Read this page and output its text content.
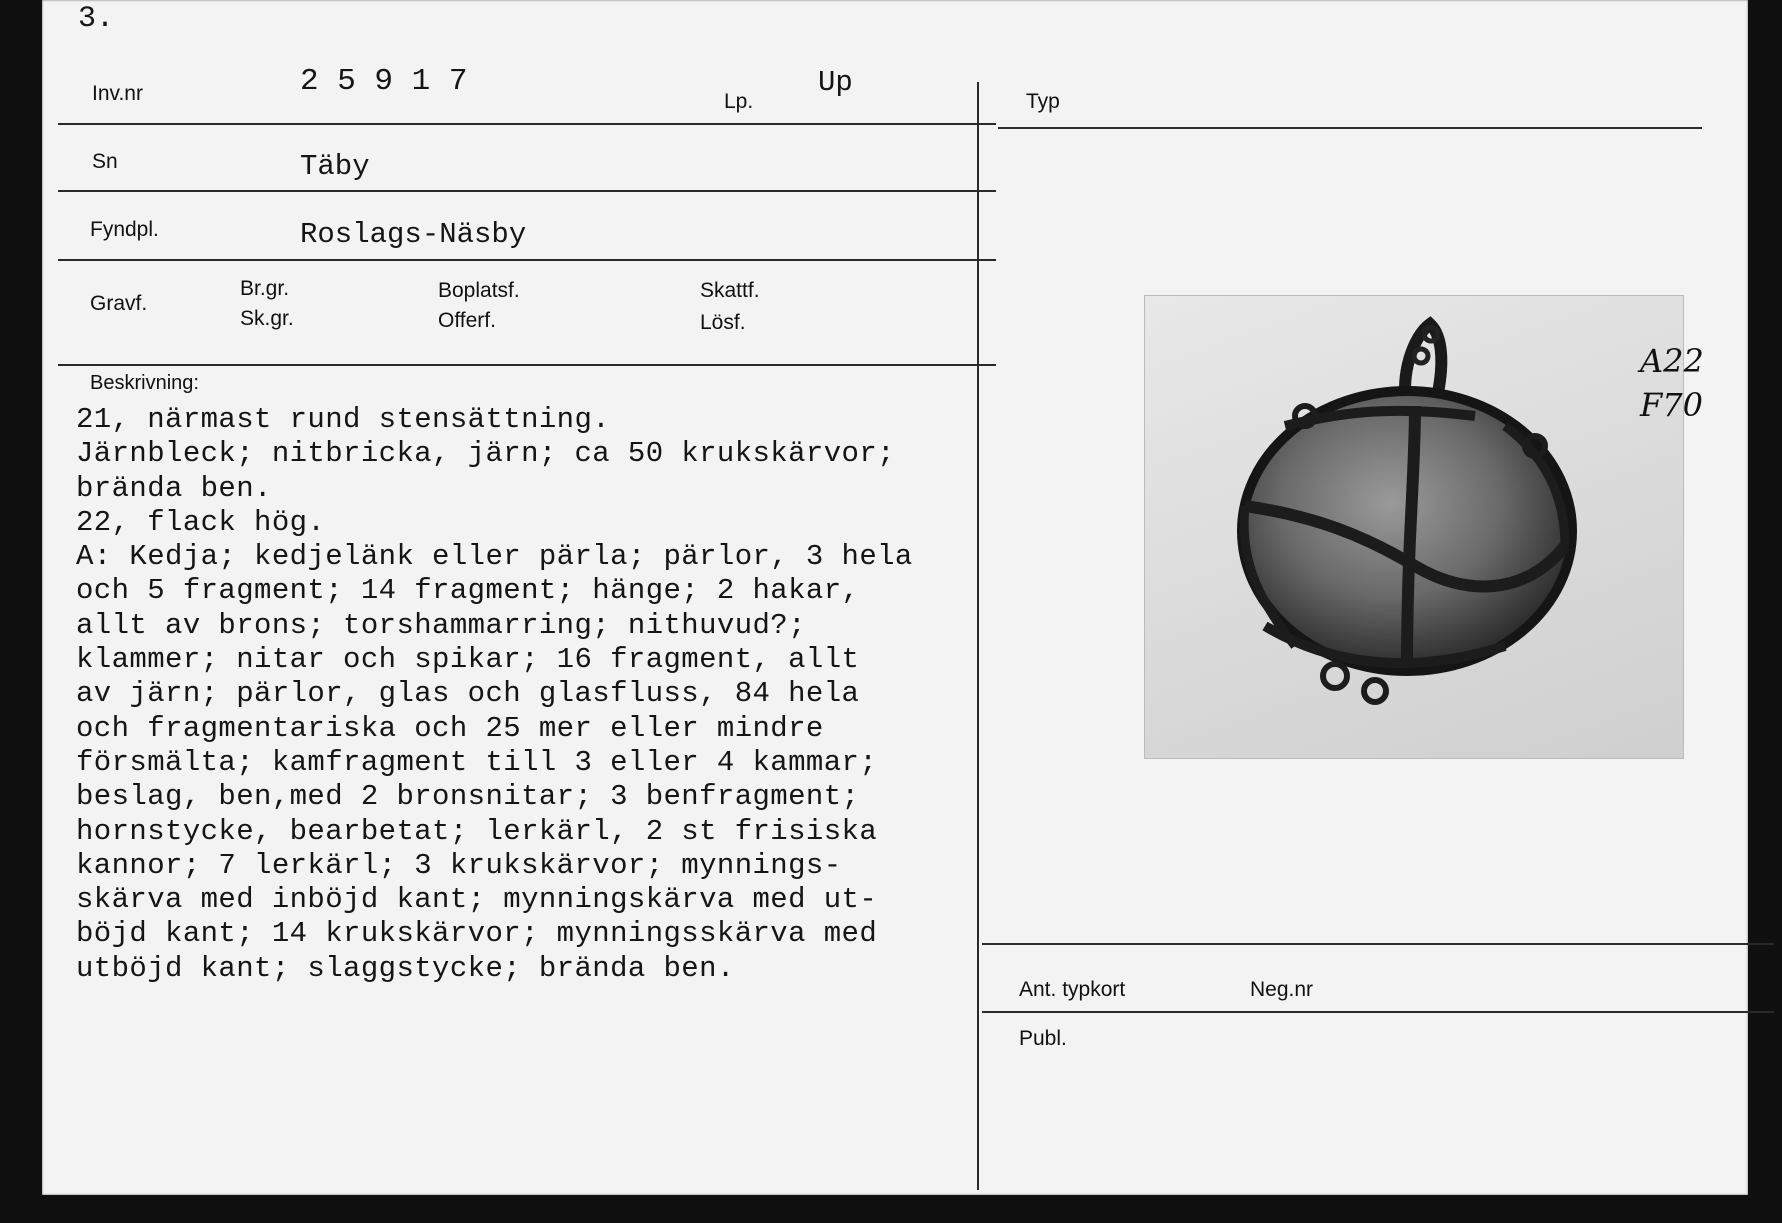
3.
Inv.nr	2 5 9 1 7
Lp.
Up
Typ
Sn	Täby
Fyndpl.	Roslags-Näsby
Gravf.
Br.gr.
Sk.gr.
Boplatsf.
Offerf.
Skattf.
Lösf.
Beskrivning:
21, närmast rund stensättning.
Järnbleck; nitbricka, järn; ca 50 krukskärvor;
brända ben.
22, flack hög.
A: Kedja; kedjelänk eller pärla; pärlor, 3 hela
och 5 fragment; 14 fragment; hänge; 2 hakar,
allt av brons; torshammarring; nithuvud?;
klammer; nitar och spikar; 16 fragment, allt
av järn; pärlor, glas och glasfluss, 84 hela
och fragmentariska och 25 mer eller mindre
försmälta; kamfragment till 3 eller 4 kammar;
beslag, ben,med 2 bronsnitar; 3 benfragment;
hornstycke, bearbetat; lerkärl, 2 st frisiska
kannor; 7 lerkärl; 3 krukskärvor; mynnings-
skärva med inböjd kant; mynningskärva med ut-
böjd kant; 14 krukskärvor; mynningsskärva med
utböjd kant; slaggstycke; brända ben.
A22
F70
Ant. typkort	Neg.nr
Publ.
